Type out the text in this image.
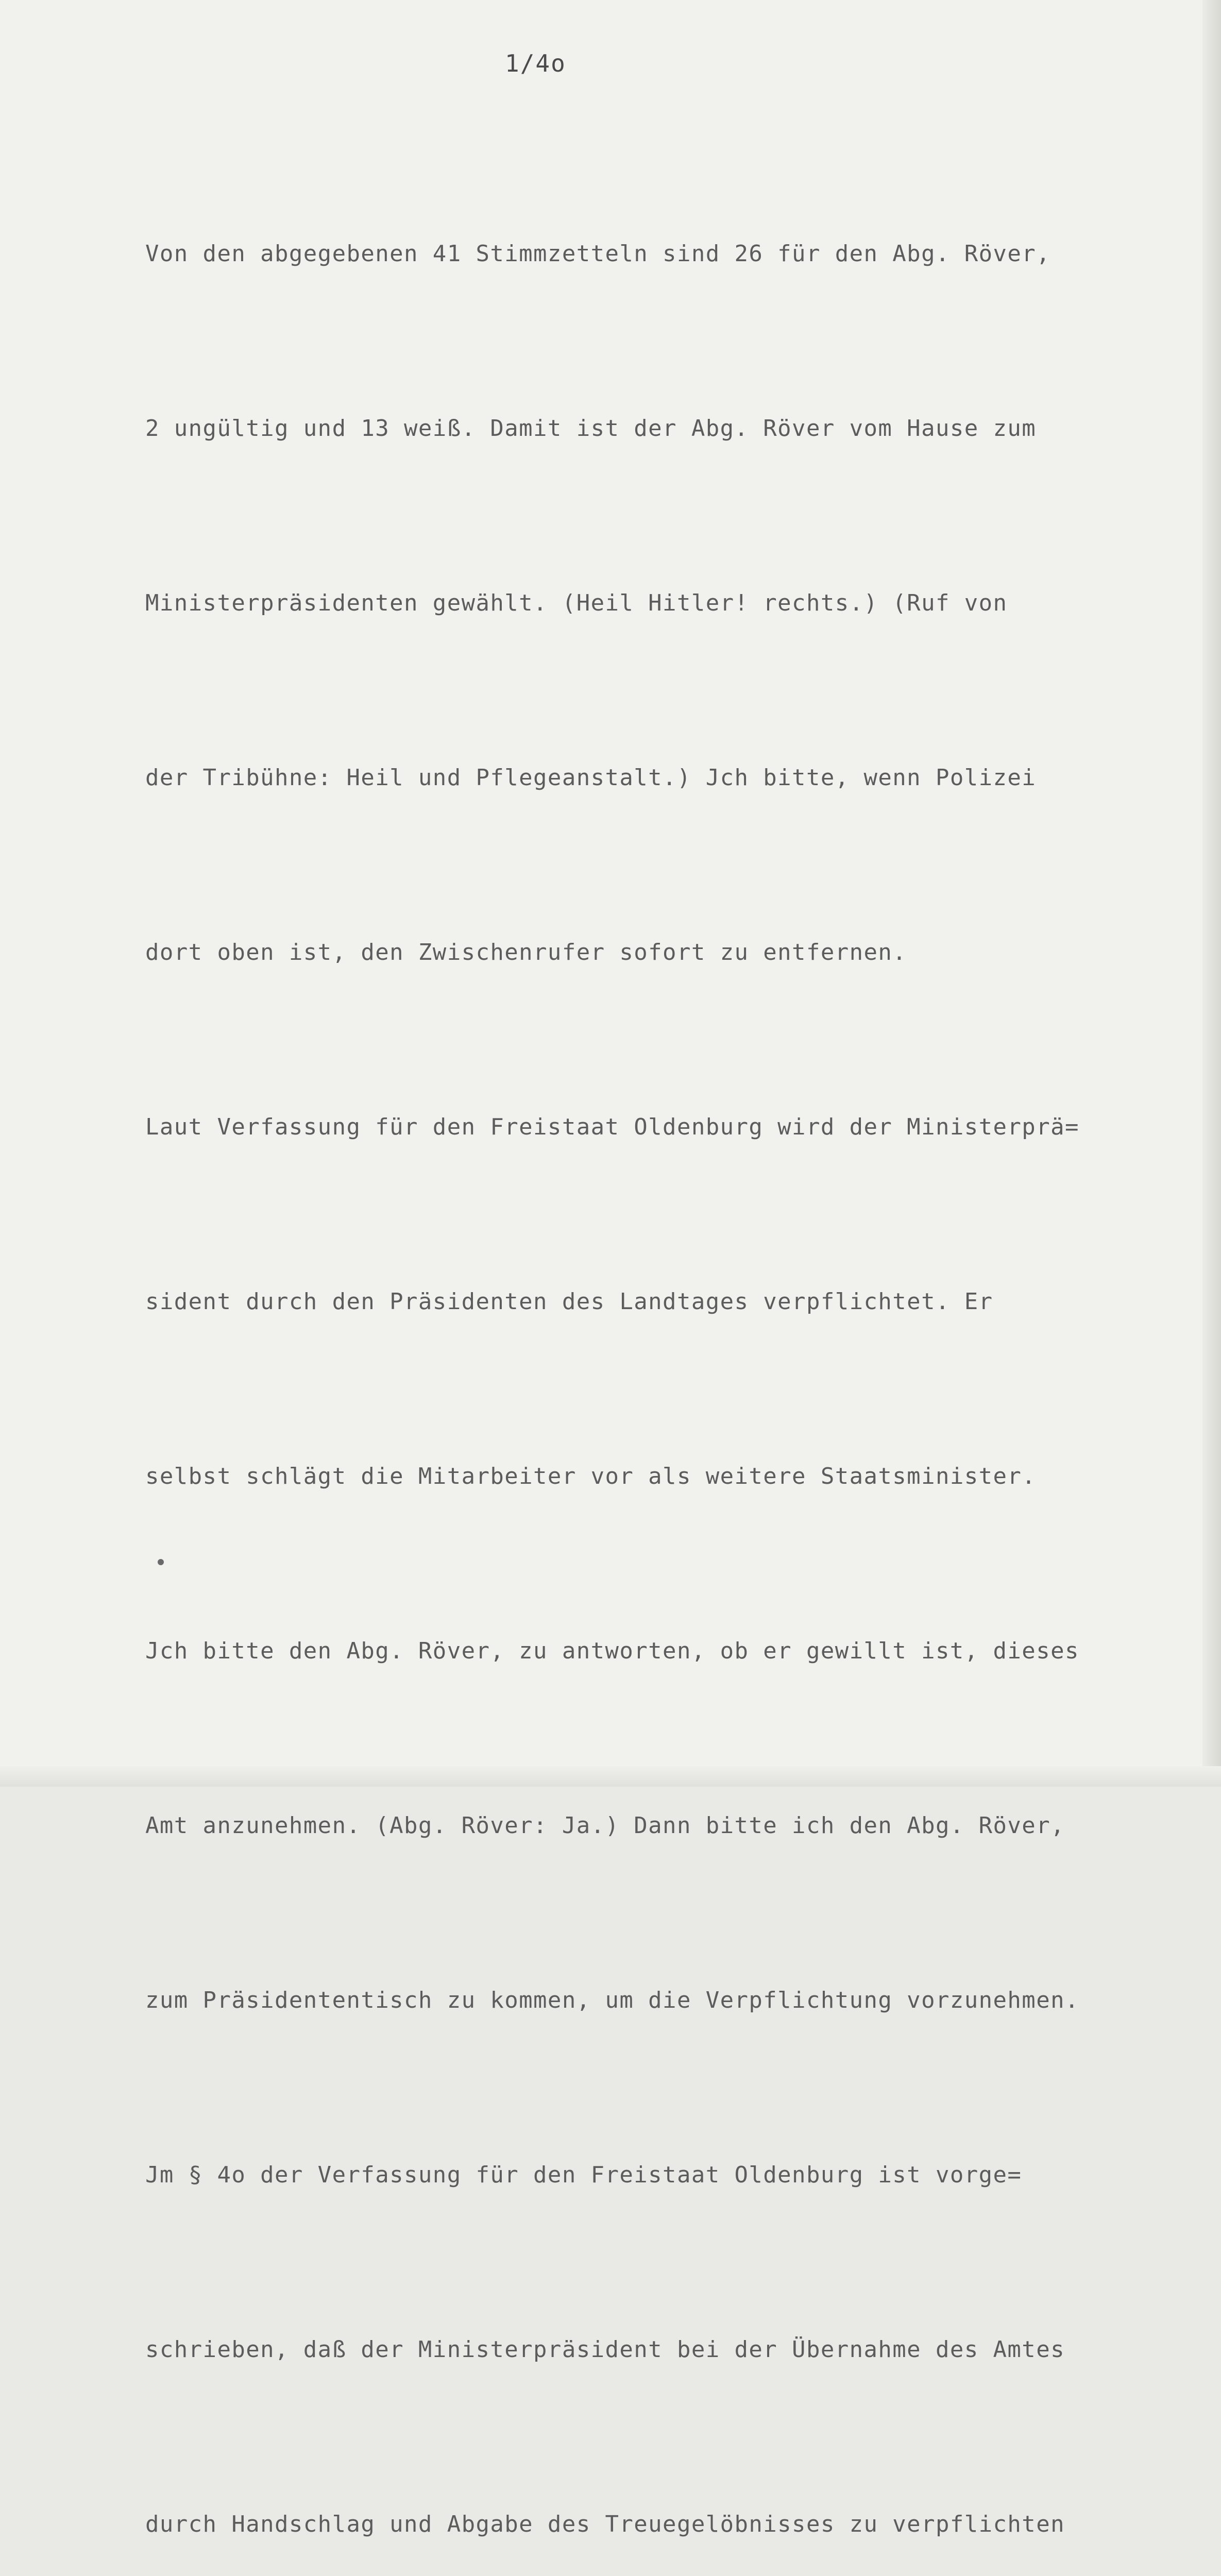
1/4o

Von den abgegebenen 41 Stimmzetteln sind 26 für den Abg. Röver,

2 ungültig und 13 weiß. Damit ist der Abg. Röver vom Hause zum

Ministerpräsidenten gewählt. (Heil Hitler! rechts.) (Ruf von

der Tribühne: Heil und Pflegeanstalt.) Jch bitte, wenn Polizei

dort oben ist, den Zwischenrufer sofort zu entfernen.

Laut Verfassung für den Freistaat Oldenburg wird der Ministerprä=

sident durch den Präsidenten des Landtages verpflichtet. Er

selbst schlägt die Mitarbeiter vor als weitere Staatsminister.

Jch bitte den Abg. Röver, zu antworten, ob er gewillt ist, dieses

Amt anzunehmen. (Abg. Röver: Ja.) Dann bitte ich den Abg. Röver,

zum Präsidententisch zu kommen, um die Verpflichtung vorzunehmen.

Jm § 4o der Verfassung für den Freistaat Oldenburg ist vorge=

schrieben, daß der Ministerpräsident bei der Übernahme des Amtes

durch Handschlag und Abgabe des Treuegelöbnisses zu verpflichten
